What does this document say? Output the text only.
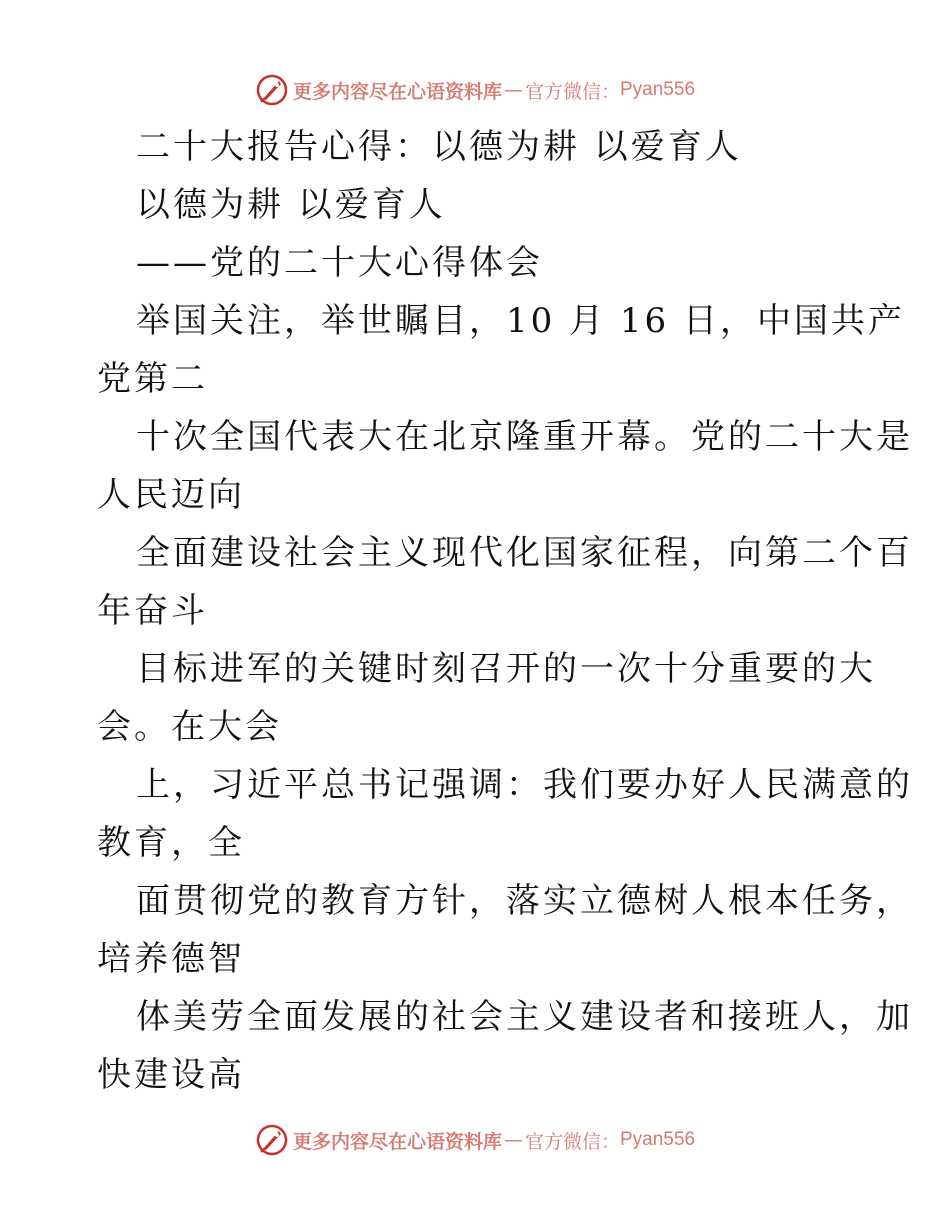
更多内容尽在心语资料库 — 官方微信： Pyan556
二十大报告心得：以德为耕 以爱育人
以德为耕 以爱育人
——党的二十大心得体会
举国关注，举世瞩目，10 月 16 日，中国共产
党第二
十次全国代表大在北京隆重开幕。党的二十大是
人民迈向
全面建设社会主义现代化国家征程，向第二个百
年奋斗
目标进军的关键时刻召开的一次十分重要的大
会。在大会
上，习近平总书记强调：我们要办好人民满意的
教育，全
面贯彻党的教育方针，落实立德树人根本任务，
培养德智
体美劳全面发展的社会主义建设者和接班人，加
快建设高
更多内容尽在心语资料库 — 官方微信： Pyan556
